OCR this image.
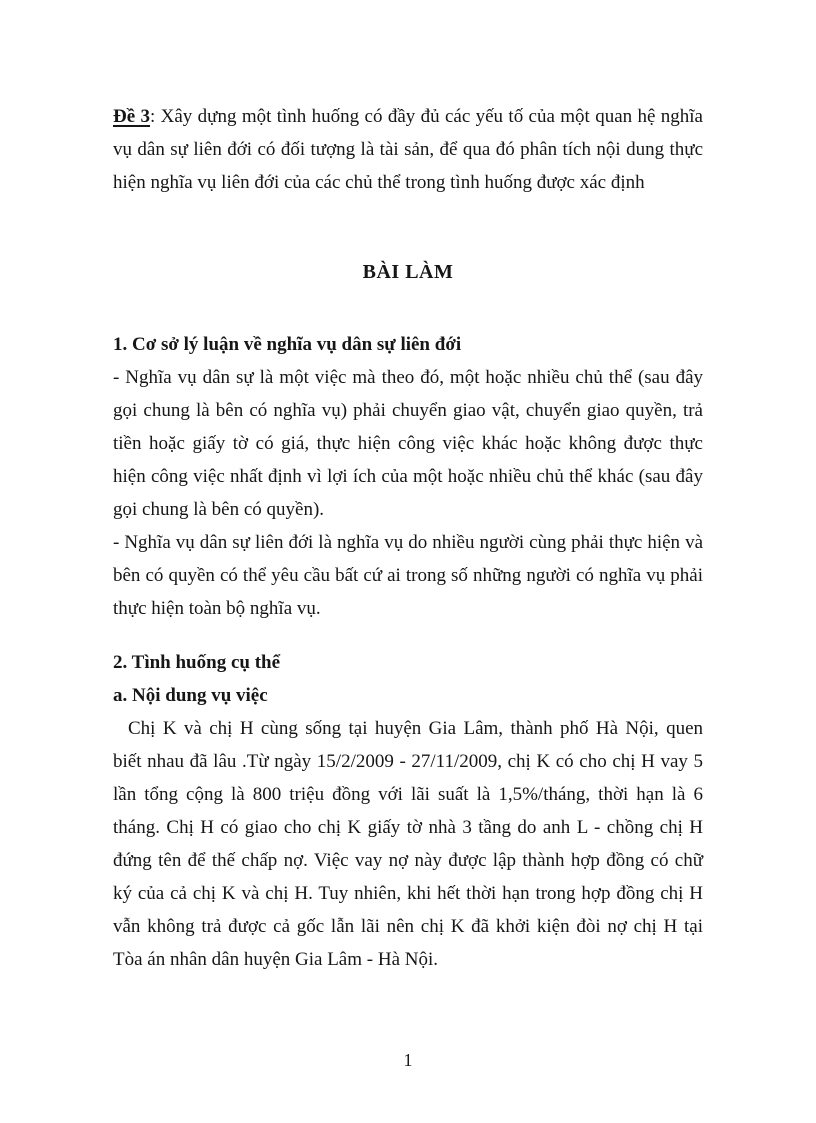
Đề 3: Xây dựng một tình huống có đầy đủ các yếu tố của một quan hệ nghĩa
vụ dân sự liên đới có đối tượng là tài sản, để qua đó phân tích nội dung thực
hiện nghĩa vụ liên đới của các chủ thể trong tình huống được xác định
BÀI LÀM
1. Cơ sở lý luận về nghĩa vụ dân sự liên đới
- Nghĩa vụ dân sự là một việc mà theo đó, một hoặc nhiều chủ thể (sau đây
gọi chung là bên có nghĩa vụ) phải chuyển giao vật, chuyển giao quyền, trả
tiền hoặc giấy tờ có giá, thực hiện công việc khác hoặc không được thực
hiện công việc nhất định vì lợi ích của một hoặc nhiều chủ thể khác (sau đây
gọi chung là bên có quyền).
- Nghĩa vụ dân sự liên đới là nghĩa vụ do nhiều người cùng phải thực hiện và
bên có quyền có thể yêu cầu bất cứ ai trong số những người có nghĩa vụ phải
thực hiện toàn bộ nghĩa vụ.
2. Tình huống cụ thể
a. Nội dung vụ việc
Chị K và chị H cùng sống tại huyện Gia Lâm, thành phố Hà Nội, quen
biết nhau đã lâu .Từ ngày 15/2/2009 - 27/11/2009, chị K có cho chị H vay 5
lần tổng cộng là 800 triệu đồng với lãi suất là 1,5%/tháng, thời hạn là 6
tháng. Chị H có giao cho chị K giấy tờ nhà 3 tầng do anh L - chồng chị H
đứng tên để thế chấp nợ. Việc vay nợ này được lập thành hợp đồng có chữ
ký của cả chị K và chị H. Tuy nhiên, khi hết thời hạn trong hợp đồng chị H
vẫn không trả được cả gốc lẫn lãi nên chị K đã khởi kiện đòi nợ chị H tại
Tòa án nhân dân huyện Gia Lâm - Hà Nội.
1
